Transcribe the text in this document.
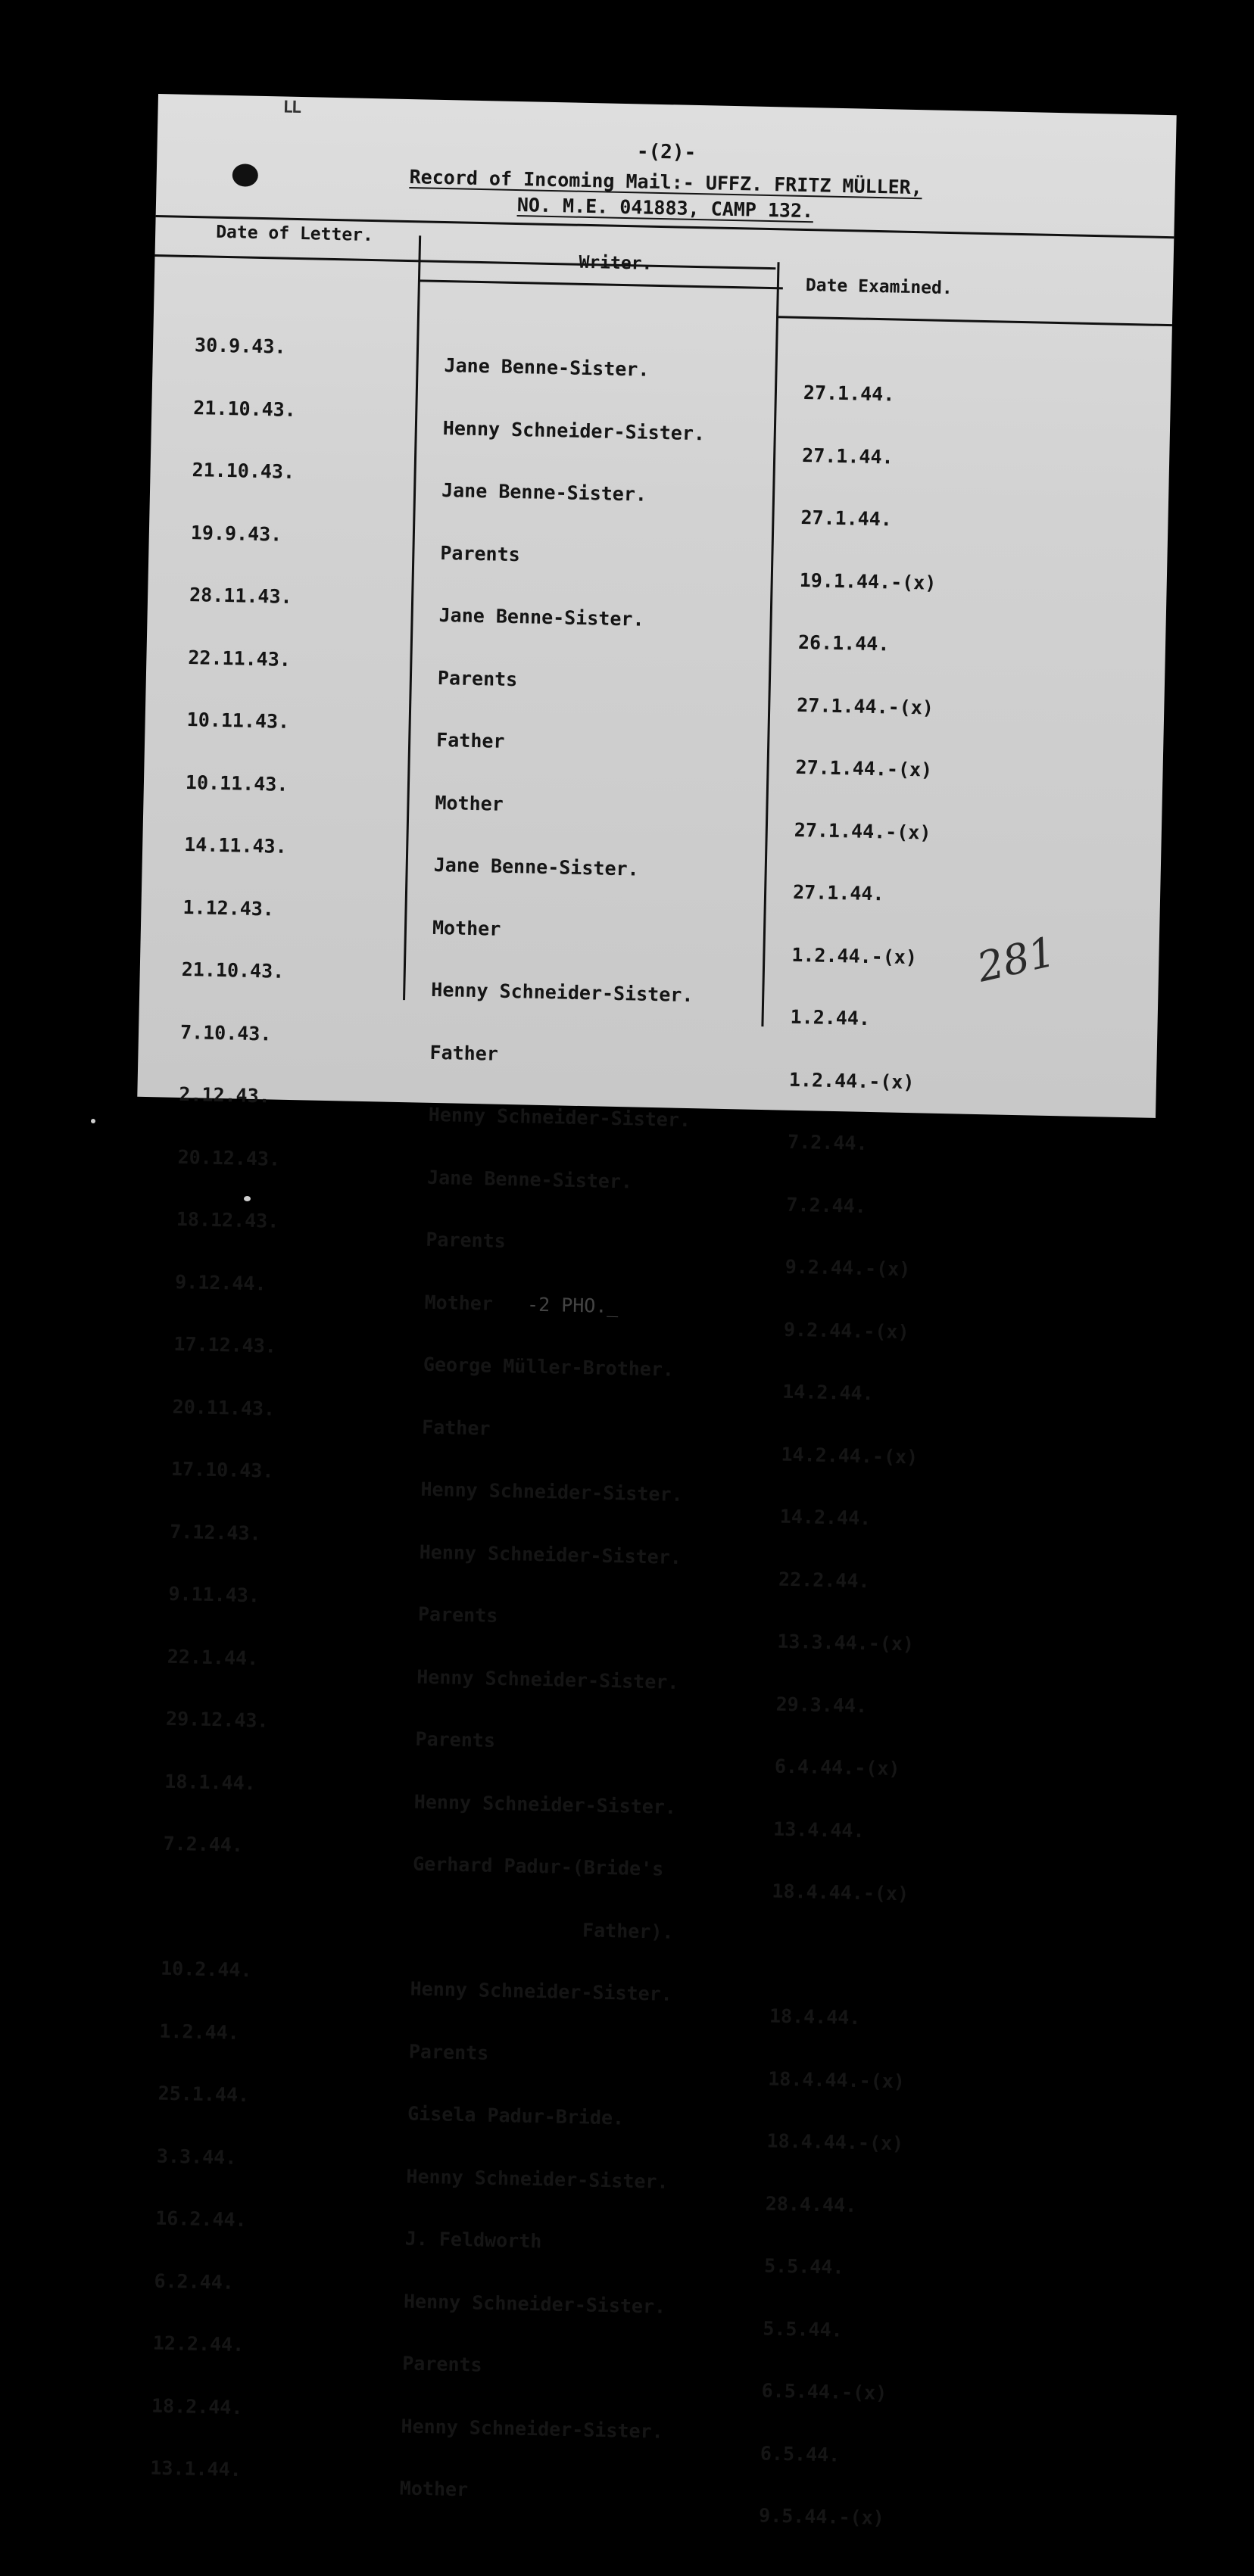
LL
-(2)-
Record of Incoming Mail:- UFFZ. FRITZ MÜLLER,
NO. M.E. 041883, CAMP 132.
Date of Letter.
Writer.
Date Examined.

30.9.43.

21.10.43.

21.10.43.

19.9.43.

28.11.43.

22.11.43.

10.11.43.

10.11.43.

14.11.43.

1.12.43.

21.10.43.

7.10.43.

2.12.43.

20.12.43.

18.12.43.

9.12.44.

17.12.43.

20.11.43.

17.10.43.

7.12.43.

9.11.43.

22.1.44.

29.12.43.

18.1.44.

7.2.44.

10.2.44.

1.2.44.

25.1.44.

3.3.44.

16.2.44.

6.2.44.

12.2.44.

18.2.44.

13.1.44.

Jane Benne-Sister.

Henny Schneider-Sister.

Jane Benne-Sister.

Parents

Jane Benne-Sister.

Parents

Father

Mother

Jane Benne-Sister.

Mother

Henny Schneider-Sister.

Father

Henny Schneider-Sister.

Jane Benne-Sister.

Parents

Mother -2 PHO._

George Müller-Brother.

Father

Henny Schneider-Sister.

Henny Schneider-Sister.

Parents

Henny Schneider-Sister.

Parents

Henny Schneider-Sister.

Gerhard Padur-(Bride's

Father).

Henny Schneider-Sister.

Parents

Gisela Padur-Bride.

Henny Schneider-Sister.

J. Feldworth

Henny Schneider-Sister.

Parents

Henny Schneider-Sister.

Mother

27.1.44.

27.1.44.

27.1.44.

19.1.44.-(x)

26.1.44.

27.1.44.-(x)

27.1.44.-(x)

27.1.44.-(x)

27.1.44.

1.2.44.-(x)

1.2.44.

1.2.44.-(x)

7.2.44.

7.2.44.

9.2.44.-(x)

9.2.44.-(x)

14.2.44.

14.2.44.-(x)

14.2.44.

22.2.44.

13.3.44.-(x)

29.3.44.

6.4.44.-(x)

13.4.44.

18.4.44.-(x)

18.4.44.

18.4.44.-(x)

18.4.44.-(x)

28.4.44.

5.5.44.

5.5.44.

6.5.44.-(x)

6.5.44.

9.5.44.-(x)

281
